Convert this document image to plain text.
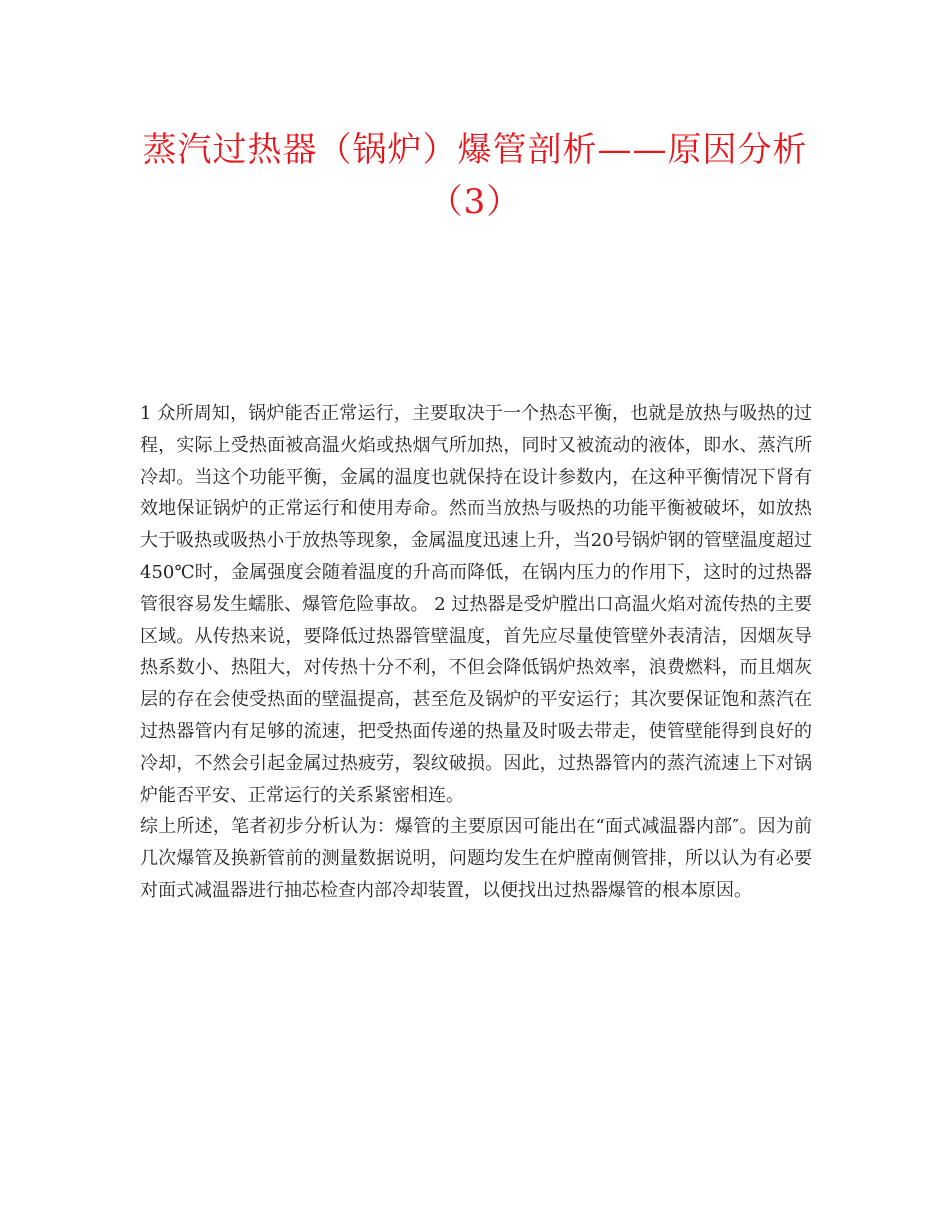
蒸汽过热器（锅炉）爆管剖析——原因分析（3）

1 众所周知，锅炉能否正常运行，主要取决于一个热态平衡，也就是放热与吸热的过程，实际上受热面被高温火焰或热烟气所加热，同时又被流动的液体，即水、蒸汽所冷却。当这个功能平衡，金属的温度也就保持在设计参数内，在这种平衡情况下肾有效地保证锅炉的正常运行和使用寿命。然而当放热与吸热的功能平衡被破坏，如放热大于吸热或吸热小于放热等现象，金属温度迅速上升，当20号锅炉钢的管壁温度超过450℃时，金属强度会随着温度的升高而降低，在锅内压力的作用下，这时的过热器管很容易发生蠕胀、爆管危险事故。 2 过热器是受炉膛出口高温火焰对流传热的主要区域。从传热来说，要降低过热器管壁温度，首先应尽量使管壁外表清洁，因烟灰导热系数小、热阻大，对传热十分不利，不但会降低锅炉热效率，浪费燃料，而且烟灰层的存在会使受热面的壁温提高，甚至危及锅炉的平安运行；其次要保证饱和蒸汽在过热器管内有足够的流速，把受热面传递的热量及时吸去带走，使管壁能得到良好的冷却，不然会引起金属过热疲劳，裂纹破损。因此，过热器管内的蒸汽流速上下对锅炉能否平安、正常运行的关系紧密相连。

综上所述，笔者初步分析认为：爆管的主要原因可能出在“面式减温器内部″。因为前几次爆管及换新管前的测量数据说明，问题均发生在炉膛南侧管排，所以认为有必要对面式减温器进行抽芯检查内部冷却装置，以便找出过热器爆管的根本原因。
